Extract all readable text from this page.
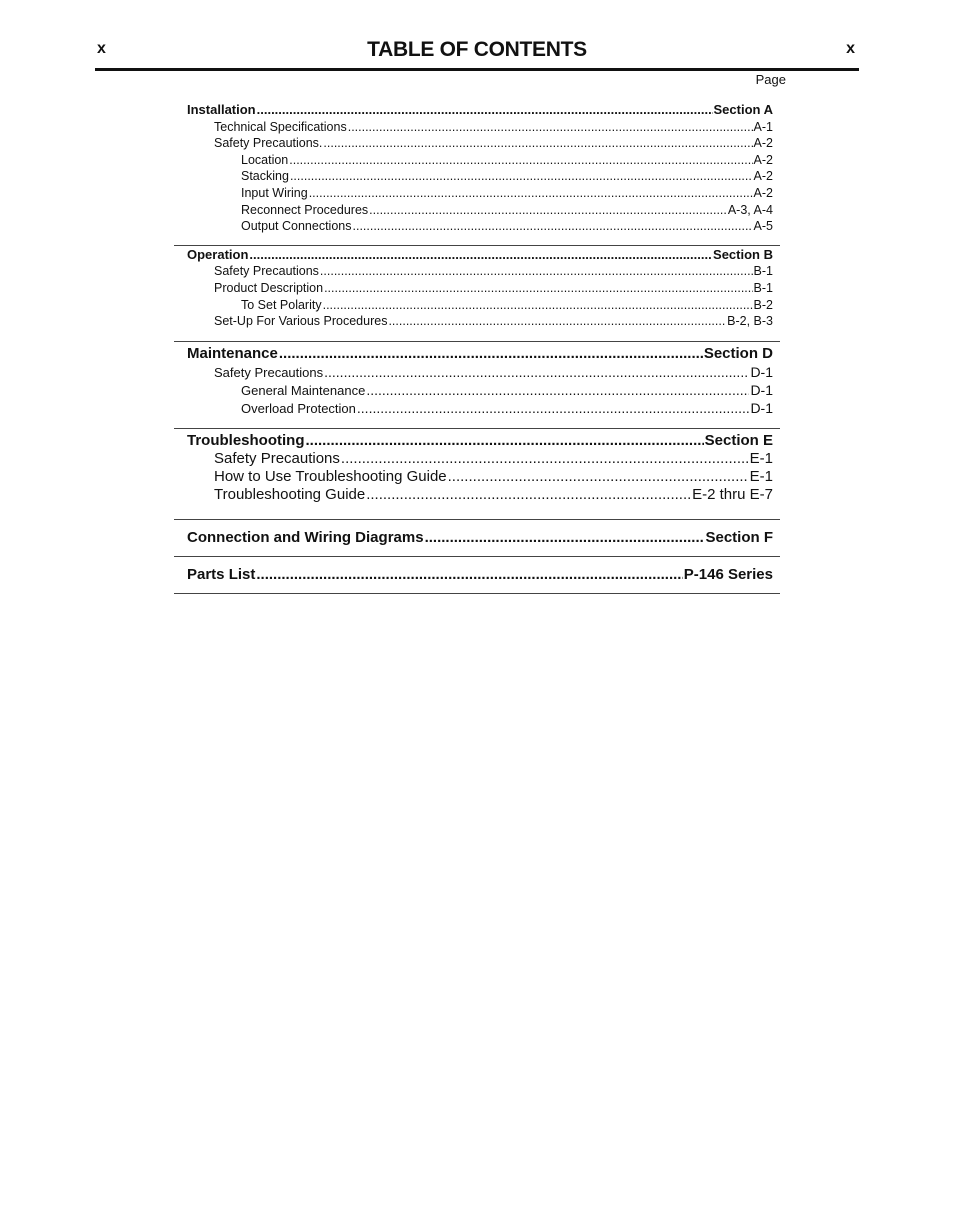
x	TABLE OF CONTENTS	x
Page
Installation .....	Section A
Technical Specifications .....	A-1
Safety Precautions. .....	A-2
Location .....	A-2
Stacking .....	A-2
Input Wiring .....	A-2
Reconnect Procedures .....	A-3, A-4
Output Connections .....	A-5
Operation .....	Section B
Safety Precautions .....	B-1
Product Description .....	B-1
To Set Polarity .....	B-2
Set-Up For Various Procedures .....	B-2, B-3
Maintenance .....	Section D
Safety Precautions .....	D-1
General Maintenance .....	D-1
Overload Protection .....	D-1
Troubleshooting .....	Section E
Safety Precautions .....	E-1
How to Use Troubleshooting Guide .....	E-1
Troubleshooting Guide .....	E-2 thru E-7
Connection and Wiring Diagrams .....	Section F
Parts List .....	P-146 Series
